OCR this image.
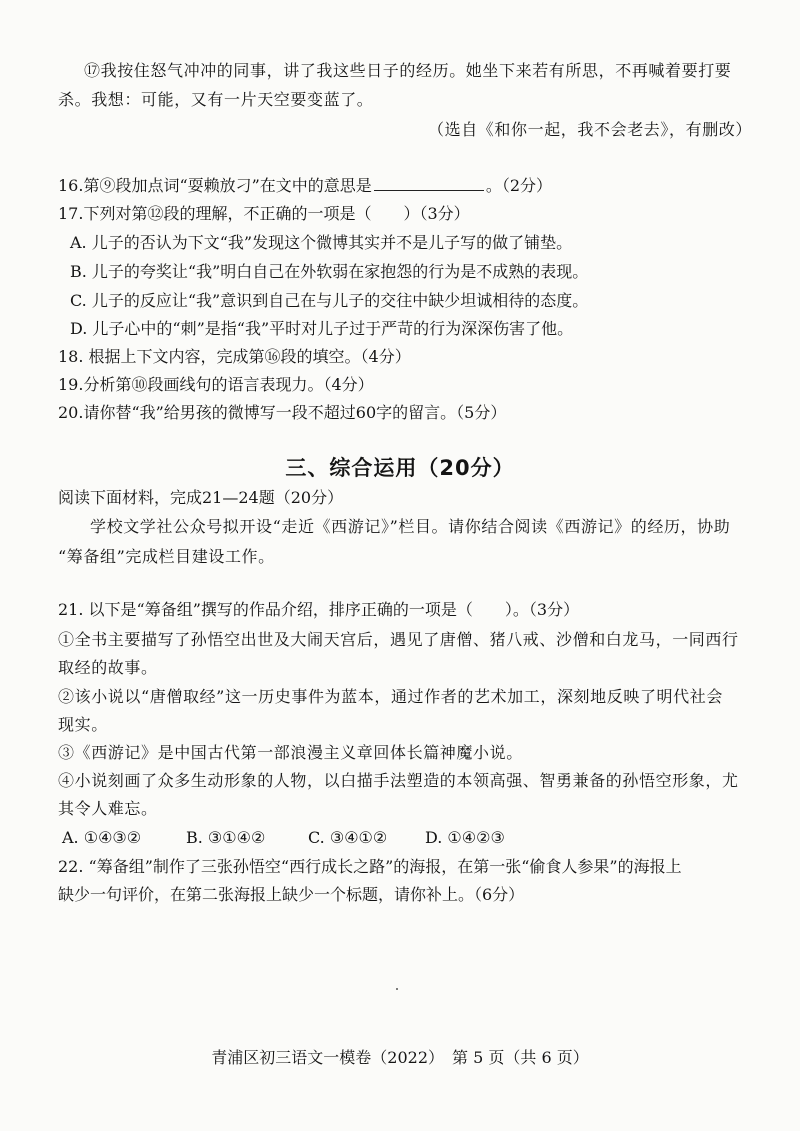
⑰我按住怒气冲冲的同事，讲了我这些日子的经历。她坐下来若有所思，不再喊着要打要
杀。我想：可能，又有一片天空要变蓝了。
（选自《和你一起，我不会老去》，有删改）
16.第⑨段加点词“耍赖放刁”在文中的意思是	。（2分）
17.下列对第⑫段的理解，不正确的一项是（　　）（3分）
A. 儿子的否认为下文“我”发现这个微博其实并不是儿子写的做了铺垫。
B. 儿子的夸奖让“我”明白自己在外软弱在家抱怨的行为是不成熟的表现。
C. 儿子的反应让“我”意识到自己在与儿子的交往中缺少坦诚相待的态度。
D. 儿子心中的“刺”是指“我”平时对儿子过于严苛的行为深深伤害了他。
18. 根据上下文内容，完成第⑯段的填空。（4分）
19.分析第⑩段画线句的语言表现力。（4分）
20.请你替“我”给男孩的微博写一段不超过60字的留言。（5分）
三、综合运用（20分）
阅读下面材料，完成21—24题（20分）
学校文学社公众号拟开设“走近《西游记》”栏目。请你结合阅读《西游记》的经历，协助
“筹备组”完成栏目建设工作。
21. 以下是“筹备组”撰写的作品介绍，排序正确的一项是（　　）。（3分）
①全书主要描写了孙悟空出世及大闹天宫后，遇见了唐僧、猪八戒、沙僧和白龙马，一同西行
取经的故事。
②该小说以“唐僧取经”这一历史事件为蓝本，通过作者的艺术加工，深刻地反映了明代社会
现实。
③《西游记》是中国古代第一部浪漫主义章回体长篇神魔小说。
④小说刻画了众多生动形象的人物，以白描手法塑造的本领高强、智勇兼备的孙悟空形象，尤
其令人难忘。
A. ①④③②	B. ③①④②	C. ③④①② D. ①④②③
22. “筹备组”制作了三张孙悟空“西行成长之路”的海报，在第一张“偷食人参果”的海报上
缺少一句评价，在第二张海报上缺少一个标题，请你补上。（6分）
青浦区初三语文一模卷（2022）　第 5 页（共 6 页）
